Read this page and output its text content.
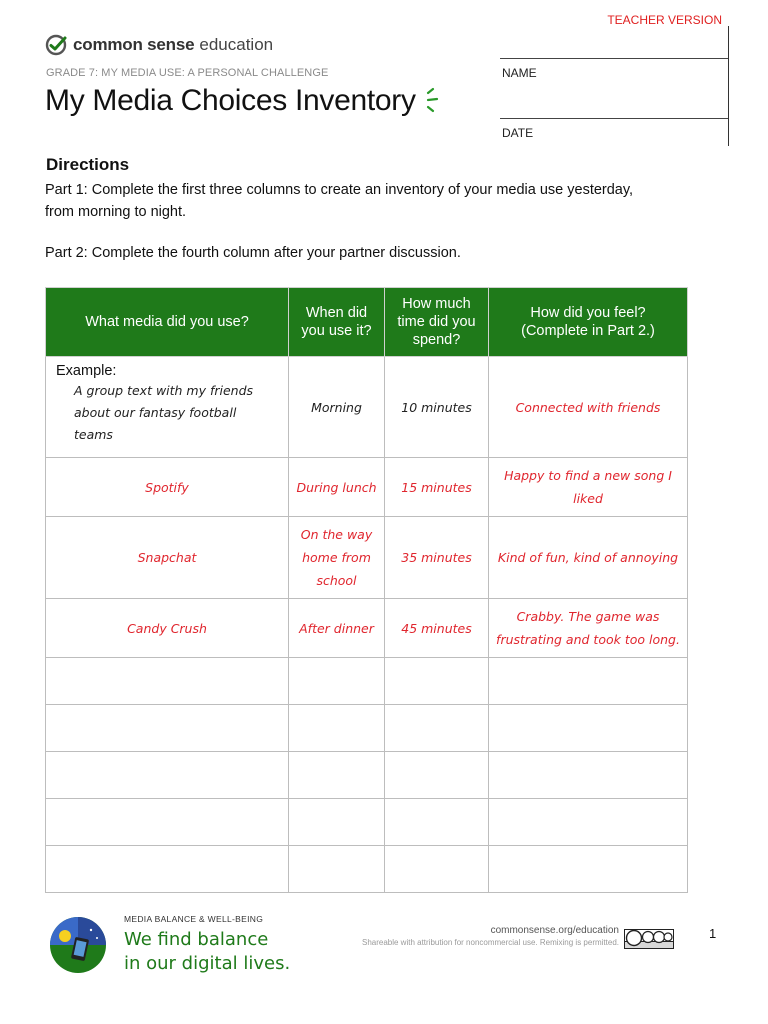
TEACHER VERSION
common sense education
GRADE 7: MY MEDIA USE: A PERSONAL CHALLENGE
My Media Choices Inventory
NAME
DATE
Directions

Part 1: Complete the first three columns to create an inventory of your media use yesterday, from morning to night.

Part 2: Complete the fourth column after your partner discussion.

What media did you use?	When did you use it?	How much time did you spend?	How did you feel? (Complete in Part 2.)

Example:
A group text with my friends about our fantasy football teams	Morning	10 minutes	Connected with friends
Spotify	During lunch	15 minutes	Happy to find a new song I liked
Snapchat	On the way home from school	35 minutes	Kind of fun, kind of annoying
Candy Crush	After dinner	45 minutes	Crabby. The game was frustrating and took too long.

MEDIA BALANCE & WELL-BEING
We find balance
in our digital lives.
commonsense.org/education
Shareable with attribution for noncommercial use. Remixing is permitted.
1
